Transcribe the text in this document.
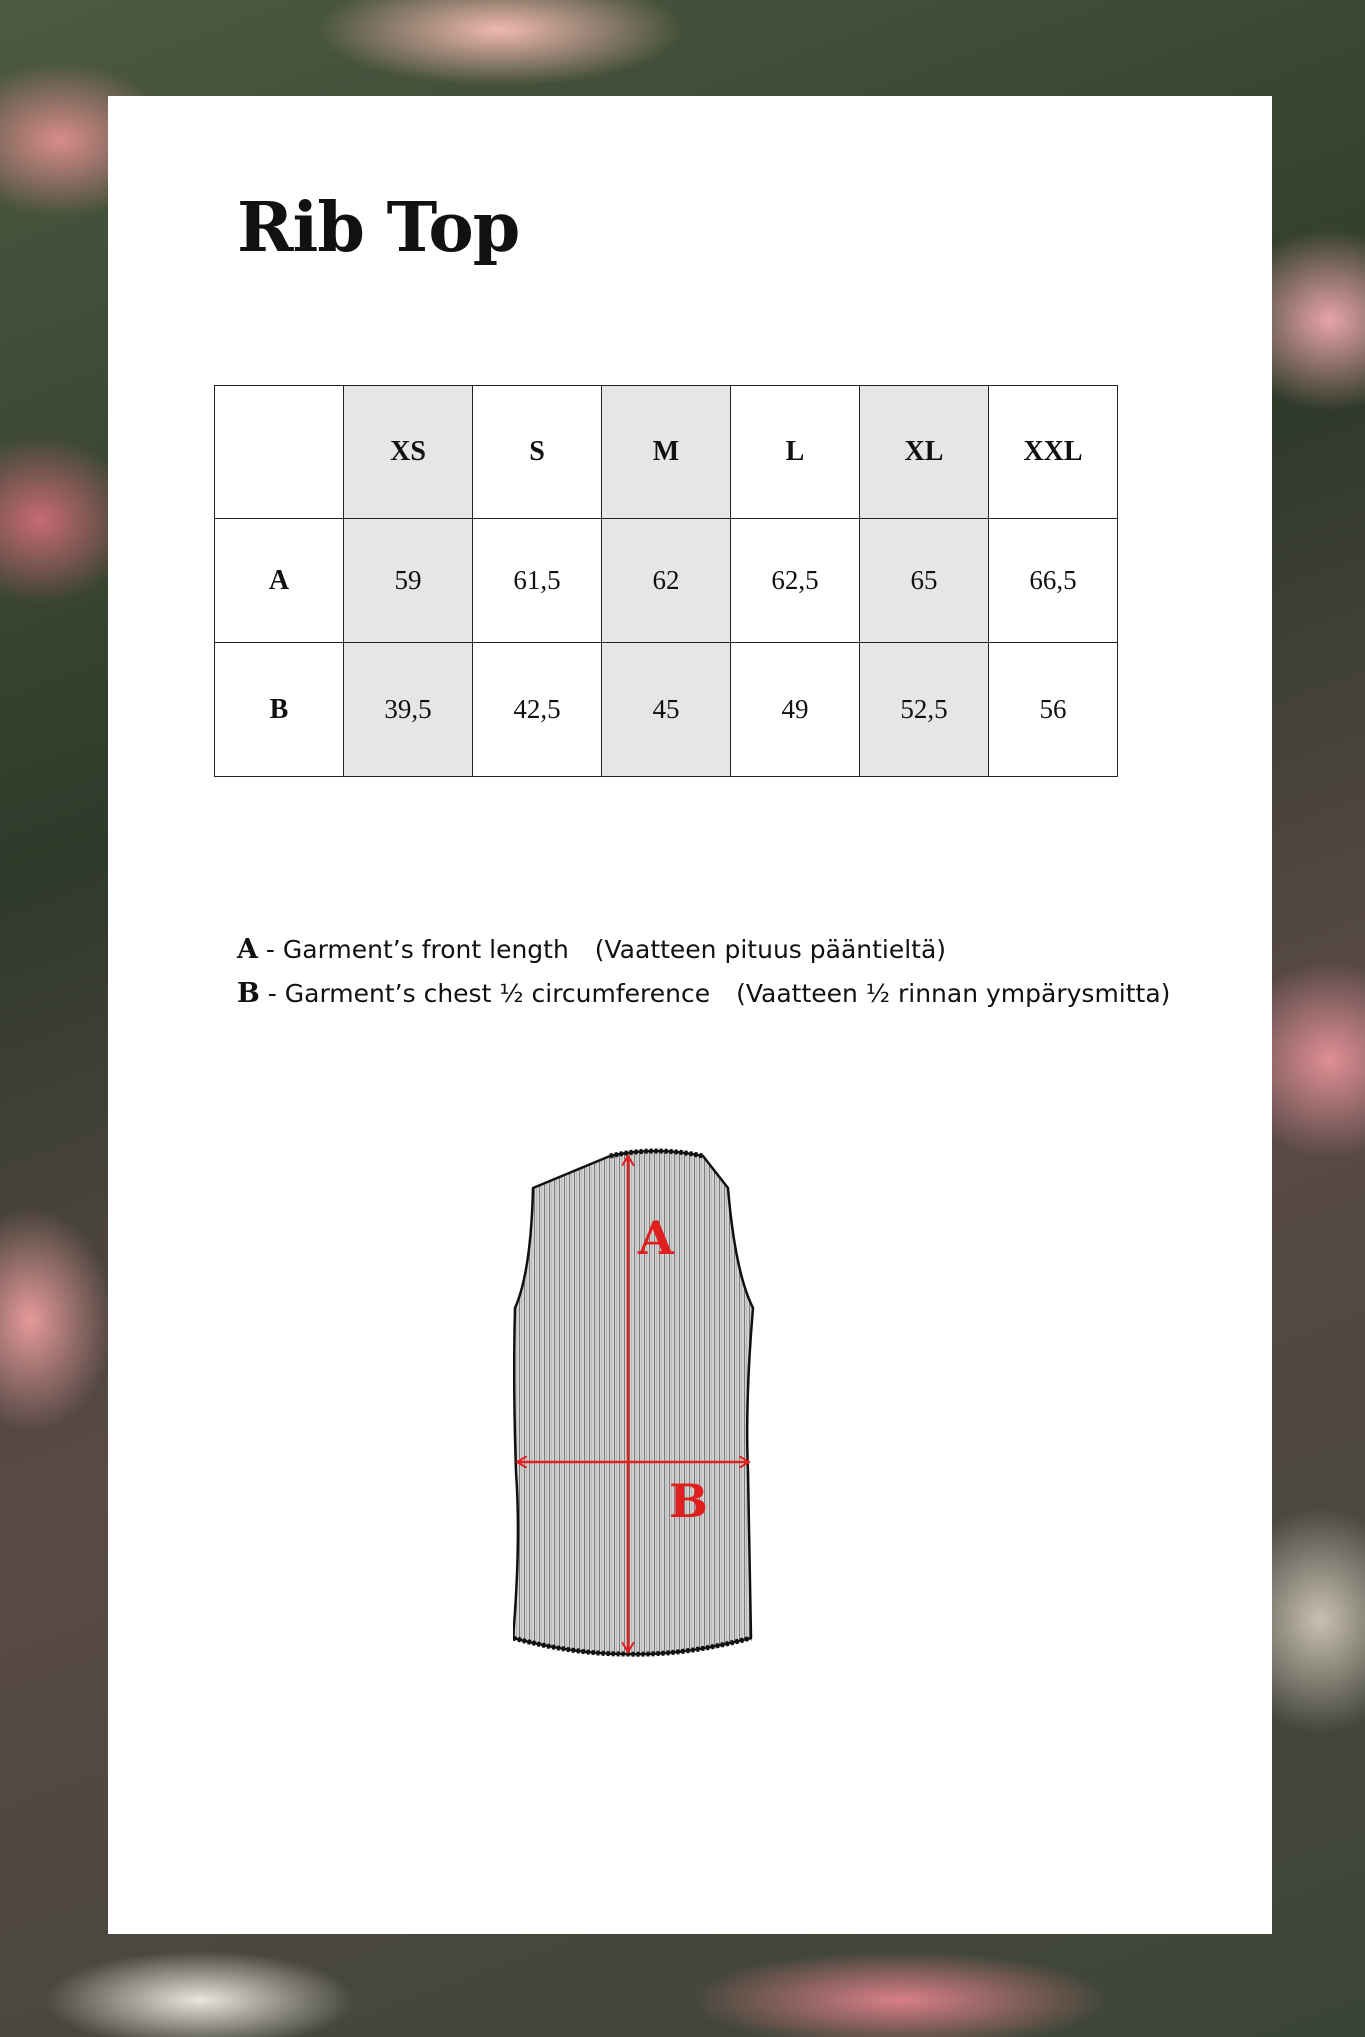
Rib Top
	XS	S	M	L	XL	XXL
A	59	61,5	62	62,5	65	66,5
B	39,5	42,5	45	49	52,5	56
A - Garment’s front length (Vaatteen pituus pääntieltä)
B - Garment’s chest ½ circumference (Vaatteen ½ rinnan ympärysmitta)
A
B
